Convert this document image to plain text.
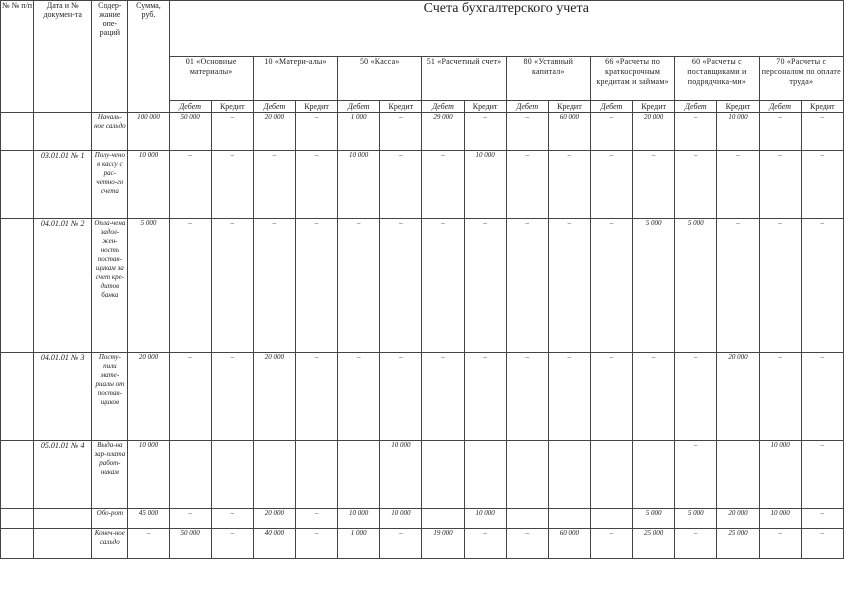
№ № п/п	Дата и № докумен-та	Содер-жание опе-раций	Сумма, руб.	Счета бухгалтерского учета															
				01 «Основные материалы»		10 «Матери-алы»		50 «Касса»		51 «Расчетный счет»		80 «Уставный капитал»		66 «Расчеты по краткосрочным кредитам и займам»		60 «Расчеты с поставщиками и подрядчика-ми»		70 «Расчеты с персоналом по оплате труда»	
				Дебет	Кредит	Дебет	Кредит	Дебет	Кредит	Дебет	Кредит	Дебет	Кредит	Дебет	Кредит	Дебет	Кредит	Дебет	Кредит
		Началь-ное сальдо	100 000	50 000	–	20 000	–	1 000	–	29 000	–	–	60 000	–	20 000	–	10 000	–	–
	03.01.01 № 1	Полу-чено в кассу с рас-четно-го счета	10 000	–	–	–	–	10 000	–	–	10 000	–	–	–	–	–	–	–	–
	04.01.01 № 2	Опла-чена задол-жен-ность постав-щикам за счет кре-дитов банка	5 000	–	–	–	–	–	–	–	–	–	–	–	5 000	5 000	–	–	–
	04.01.01 № 3	Посту-пили мате-риалы от постав-щиков	20 000	–	–	20 000	–	–	–	–	–	–	–	–	–	–	20 000	–	–
	05.01.01 № 4	Выда-на зар-плата работ-никам	10 000						10 000							–		10 000	–
		Обо-рот	45 000	–	–	20 000	–	10 000	10 000		10 000				5 000	5 000	20 000	10 000	–
		Конеч-ное сальдо	–	50 000	–	40 000	–	1 000	–	19 000	–	–	60 000	–	25 000	–	25 000	–	–
